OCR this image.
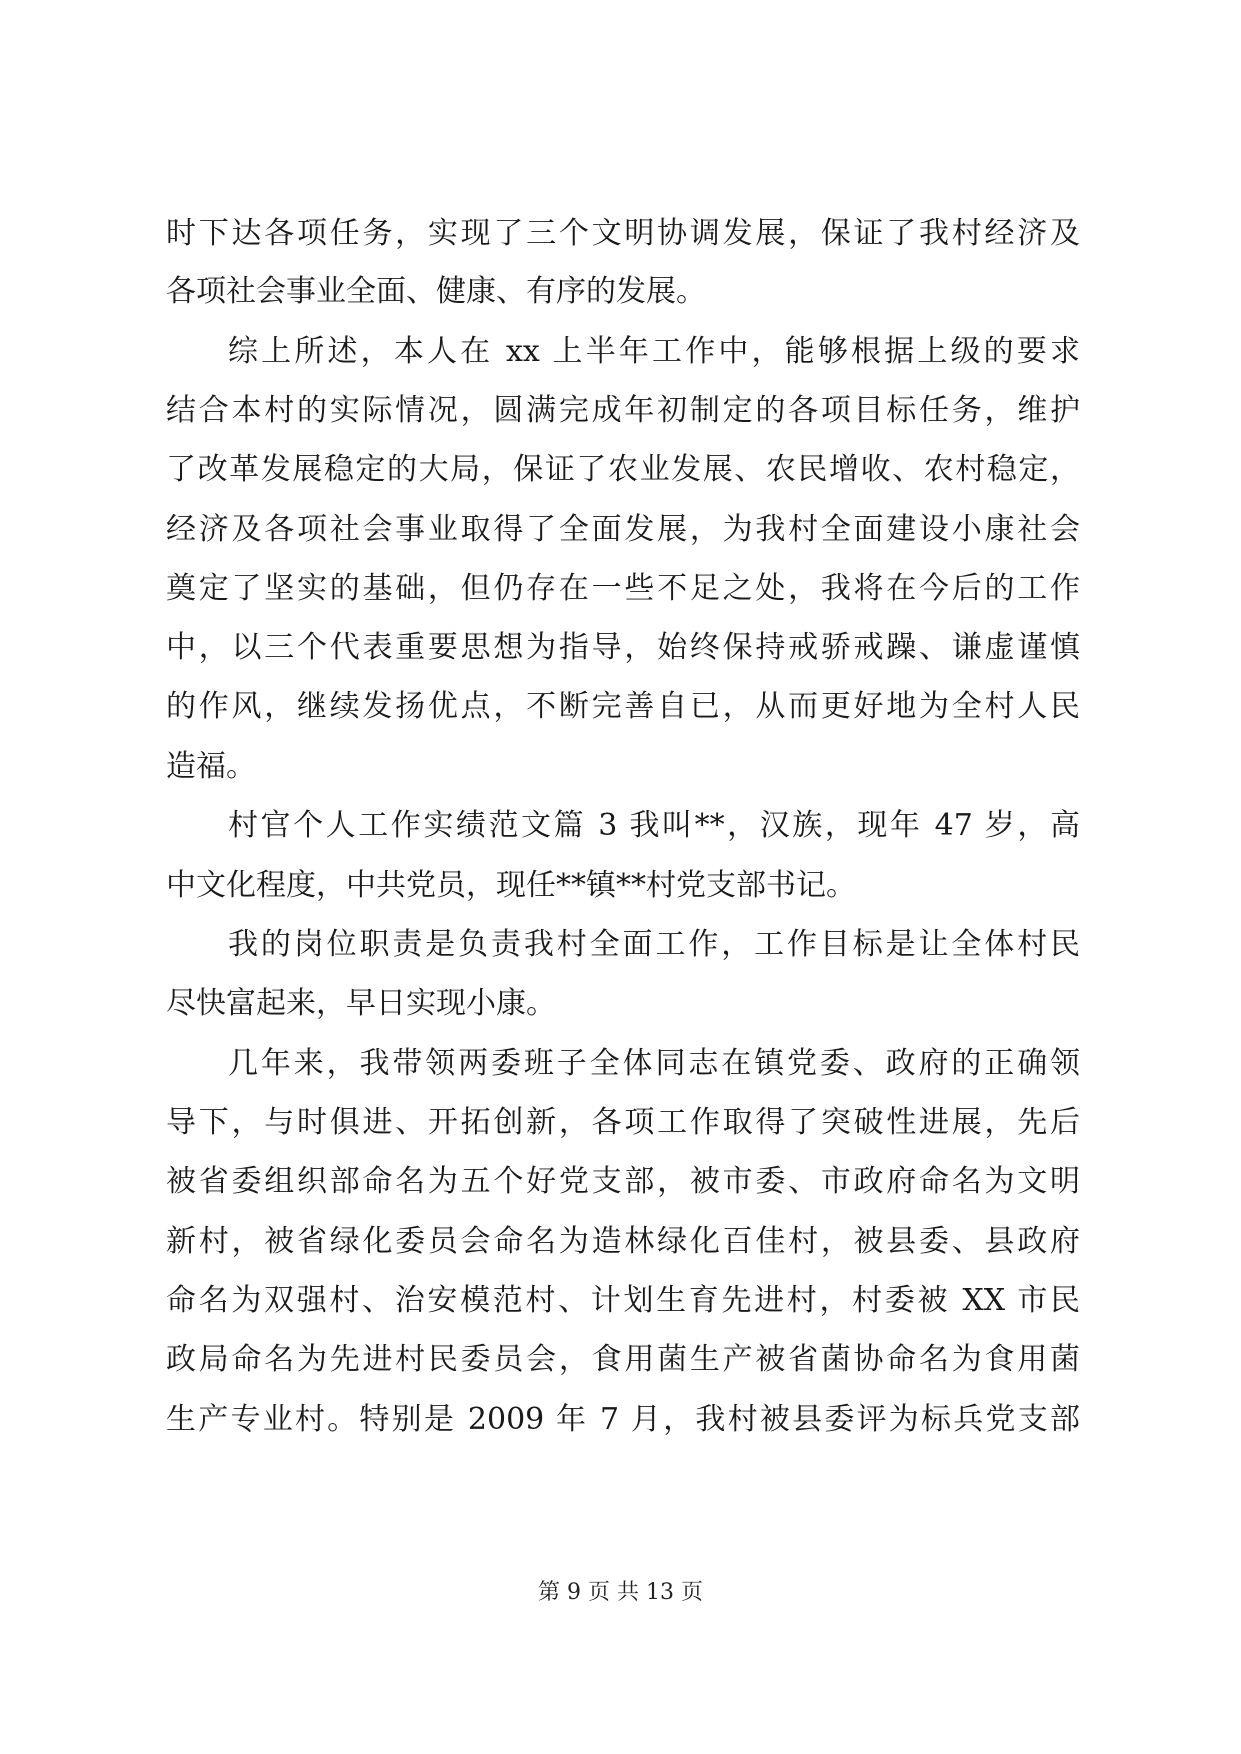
时下达各项任务，实现了三个文明协调发展，保证了我村经济及
各项社会事业全面、健康、有序的发展。
综上所述，本人在 xx 上半年工作中，能够根据上级的要求
结合本村的实际情况，圆满完成年初制定的各项目标任务，维护
了改革发展稳定的大局，保证了农业发展、农民增收、农村稳定，
经济及各项社会事业取得了全面发展，为我村全面建设小康社会
奠定了坚实的基础，但仍存在一些不足之处，我将在今后的工作
中，以三个代表重要思想为指导，始终保持戒骄戒躁、谦虚谨慎
的作风，继续发扬优点，不断完善自已，从而更好地为全村人民
造福。
村官个人工作实绩范文篇 3 我叫**，汉族，现年 47 岁，高
中文化程度，中共党员，现任**镇**村党支部书记。
我的岗位职责是负责我村全面工作，工作目标是让全体村民
尽快富起来，早日实现小康。
几年来，我带领两委班子全体同志在镇党委、政府的正确领
导下，与时俱进、开拓创新，各项工作取得了突破性进展，先后
被省委组织部命名为五个好党支部，被市委、市政府命名为文明
新村，被省绿化委员会命名为造林绿化百佳村，被县委、县政府
命名为双强村、治安模范村、计划生育先进村，村委被 XX 市民
政局命名为先进村民委员会，食用菌生产被省菌协命名为食用菌
生产专业村。特别是 2009 年 7 月，我村被县委评为标兵党支部
第 9 页 共 13 页
